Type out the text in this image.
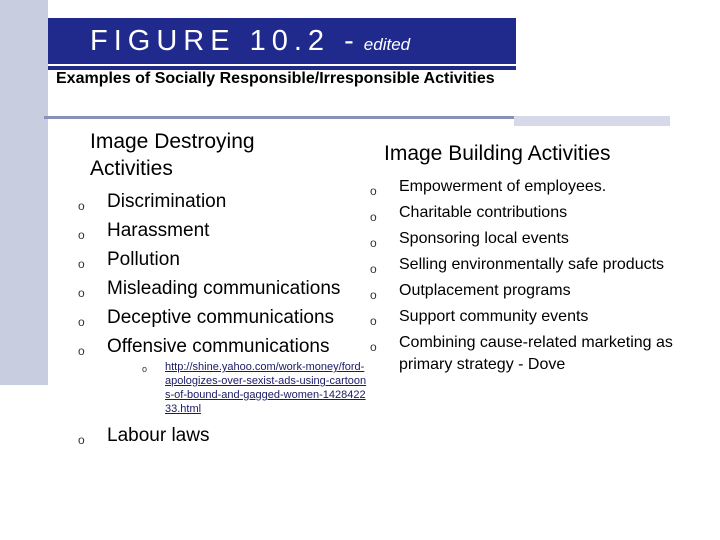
FIGURE 10.2 - edited
Examples of Socially Responsible/Irresponsible Activities
Image Destroying Activities
Image Building Activities
o Discrimination
o Harassment
o Pollution
o Misleading communications
o Deceptive communications
o Offensive communications
o http://shine.yahoo.com/work-money/ford-apologizes-over-sexist-ads-using-cartoons-of-bound-and-gagged-women-142842233.html
o Labour laws
o Empowerment of employees.
o Charitable contributions
o Sponsoring local events
o Selling environmentally safe products
o Outplacement programs
o Support community events
o Combining cause-related marketing as primary strategy - Dove
